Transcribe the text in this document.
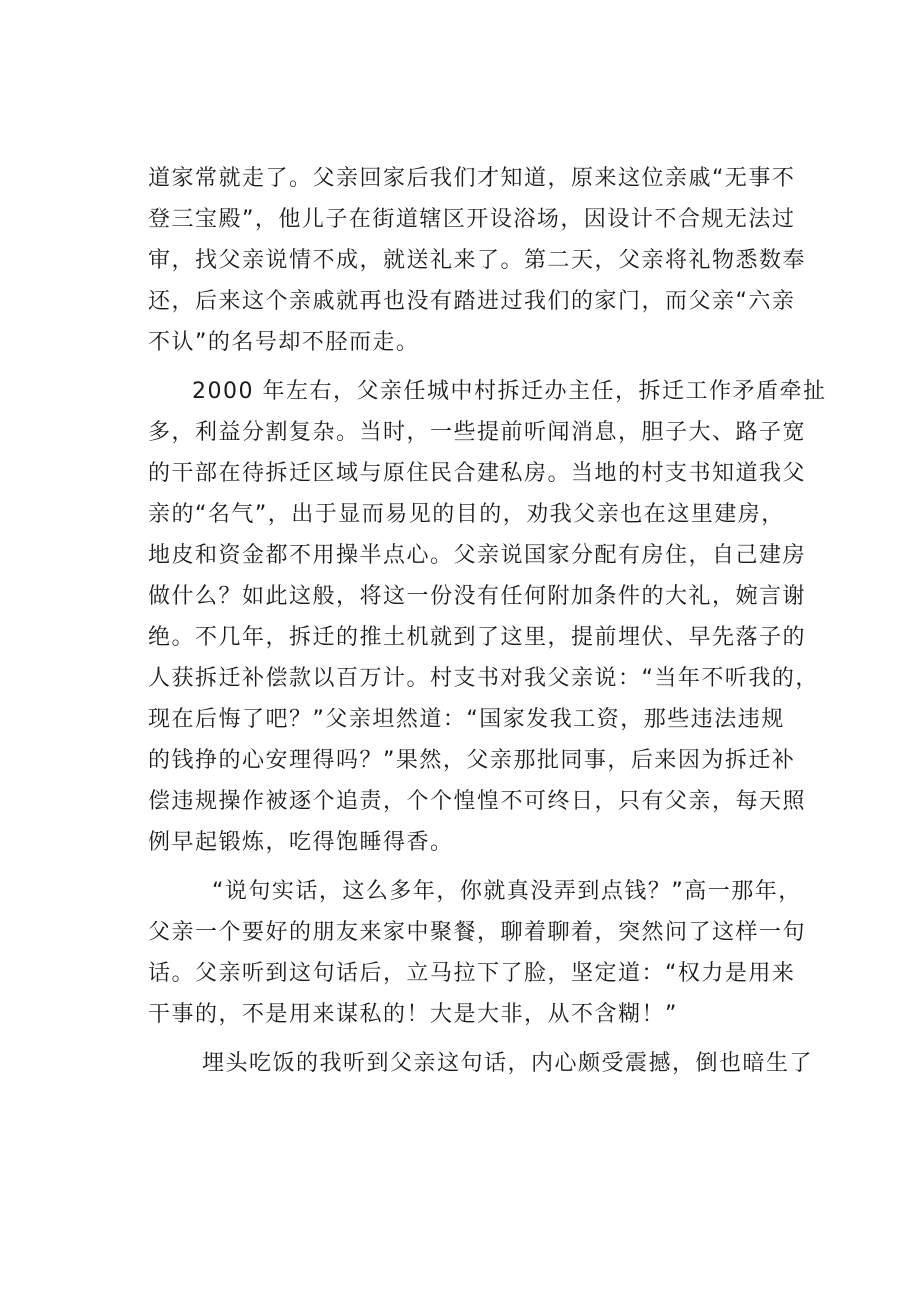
道家常就走了。父亲回家后我们才知道，原来这位亲戚“无事不
登三宝殿”，他儿子在街道辖区开设浴场，因设计不合规无法过
审，找父亲说情不成，就送礼来了。第二天，父亲将礼物悉数奉
还，后来这个亲戚就再也没有踏进过我们的家门，而父亲“六亲
不认”的名号却不胫而走。
2000 年左右，父亲任城中村拆迁办主任，拆迁工作矛盾牵扯
多，利益分割复杂。当时，一些提前听闻消息，胆子大、路子宽
的干部在待拆迁区域与原住民合建私房。当地的村支书知道我父
亲的“名气”，出于显而易见的目的，劝我父亲也在这里建房，
地皮和资金都不用操半点心。父亲说国家分配有房住，自己建房
做什么？如此这般，将这一份没有任何附加条件的大礼，婉言谢
绝。不几年，拆迁的推土机就到了这里，提前埋伏、早先落子的
人获拆迁补偿款以百万计。村支书对我父亲说：“当年不听我的，
现在后悔了吧？”父亲坦然道：“国家发我工资，那些违法违规
的钱挣的心安理得吗？”果然，父亲那批同事，后来因为拆迁补
偿违规操作被逐个追责，个个惶惶不可终日，只有父亲，每天照
例早起锻炼，吃得饱睡得香。
“说句实话，这么多年，你就真没弄到点钱？”高一那年，
父亲一个要好的朋友来家中聚餐，聊着聊着，突然问了这样一句
话。父亲听到这句话后，立马拉下了脸，坚定道：“权力是用来
干事的，不是用来谋私的！大是大非，从不含糊！”
埋头吃饭的我听到父亲这句话，内心颇受震撼，倒也暗生了
